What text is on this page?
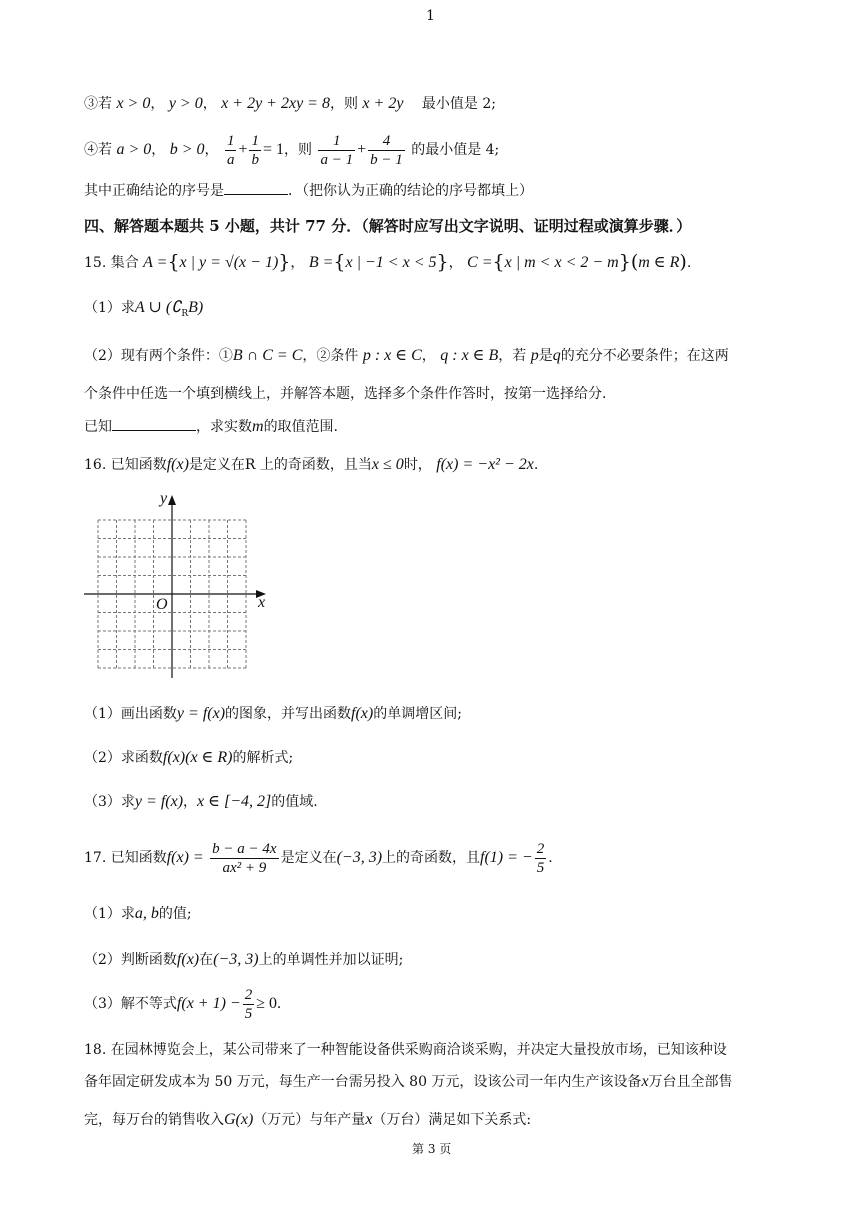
1
③若 x > 0， y > 0， x + 2y + 2xy = 8，则 x + 2y 最小值是 2;
④若 a > 0， b > 0， $\frac{1}{a} + \frac{1}{b} = 1$，则 $\frac{1}{a - 1} + \frac{4}{b - 1}$ 的最小值是 4;
其中正确结论的序号是	．（把你认为正确的结论的序号都填上）
四、解答题本题共 5 小题，共计 77 分．（解答时应写出文字说明、证明过程或演算步骤．）
15. 集合 A ={x | y = √(x − 1)}， B ={x | −1 < x < 5}， C ={x | m < x < 2 − m}(m ∈ R).
（1）求A ∪ $(∁_RB)$
（2）现有两个条件：①B ∩ C = C，②条件 p : x ∈ C， q : x ∈ B，若 p是q的充分不必要条件；在这两
个条件中任选一个填到横线上，并解答本题，选择多个条件作答时，按第一选择给分.
已知	，求实数m的取值范围.
16. 已知函数f(x)是定义在R 上的奇函数，且当x ≤ 0时， f(x) = −x² − 2x.
y
x
O
（1）画出函数y = f(x)的图象，并写出函数f(x)的单调增区间;
（2）求函数f(x)(x ∈ R)的解析式;
（3）求y = f(x)，x ∈ [−4, 2]的值域.
17. 已知函数$f(x) = \frac{b - a - 4x}{\text{ax² + 9}}$ 是定义在(−3, 3)上的奇函数，且f(1) = − $\frac{2}{5}$ .
（1）求a, b的值;
（2）判断函数f(x)在(−3, 3)上的单调性并加以证明;
（3）解不等式$f(x + 1) - \frac{2}{5} \ge 0$.
18. 在园林博览会上，某公司带来了一种智能设备供采购商洽谈采购，并决定大量投放市场，已知该种设
备年固定研发成本为 50 万元，每生产一台需另投入 80 万元，设该公司一年内生产该设备x万台且全部售
完，每万台的销售收入G(x)（万元）与年产量x（万台）满足如下关系式:
第 3 页
